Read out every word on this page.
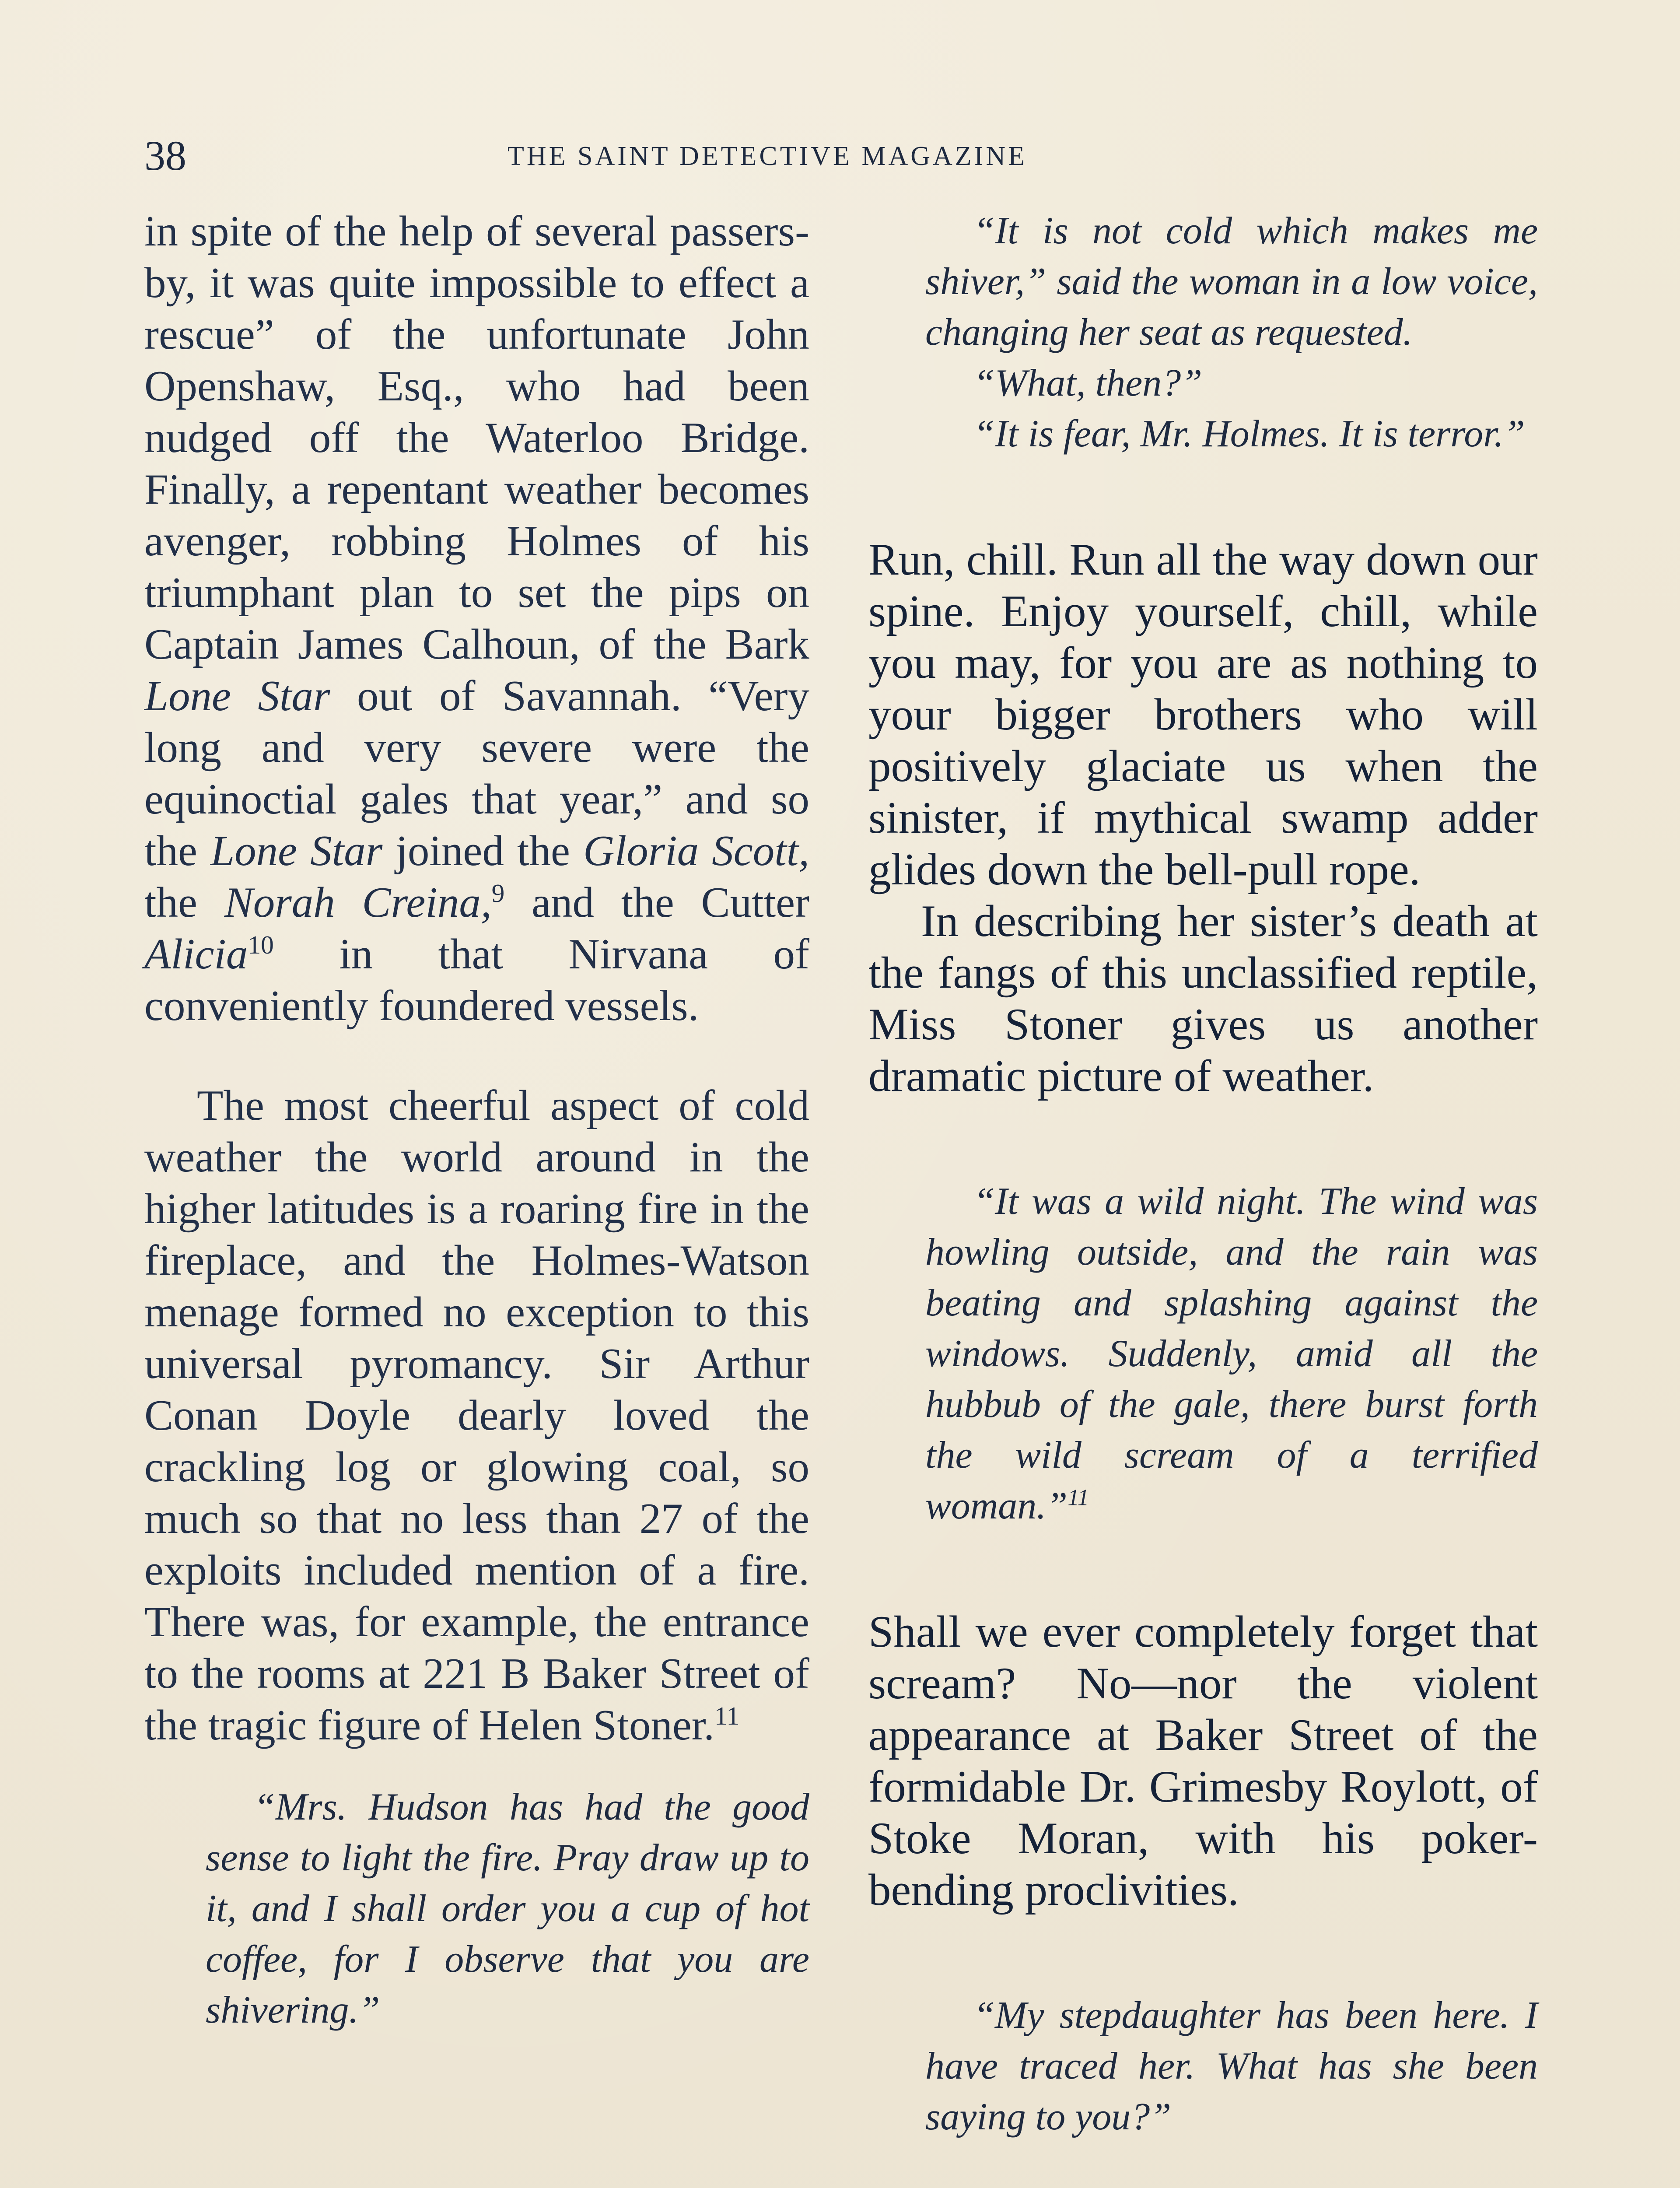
38	THE SAINT DETECTIVE MAGAZINE

in spite of the help of several passers-by, it was quite impossible to effect a rescue” of the unfortunate John Openshaw, Esq., who had been nudged off the Waterloo Bridge. Finally, a repentant weather becomes avenger, robbing Holmes of his triumphant plan to set the pips on Captain James Calhoun, of the Bark Lone Star out of Savannah. “Very long and very severe were the equinoctial gales that year,” and so the Lone Star joined the Gloria Scott, the Norah Creina,$^9$ and the Cutter Alicia$^{10}$ in that Nirvana of conveniently foundered vessels.

The most cheerful aspect of cold weather the world around in the higher latitudes is a roaring fire in the fireplace, and the Holmes-Watson menage formed no exception to this universal pyromancy. Sir Arthur Conan Doyle dearly loved the crackling log or glowing coal, so much so that no less than 27 of the exploits included mention of a fire. There was, for example, the entrance to the rooms at 221 B Baker Street of the tragic figure of Helen Stoner.$^{11}$

“Mrs. Hudson has had the good sense to light the fire. Pray draw up to it, and I shall order you a cup of hot coffee, for I observe that you are shivering.”

“It is not cold which makes me shiver,” said the woman in a low voice, changing her seat as requested.
“What, then?”
“It is fear, Mr. Holmes. It is terror.”

Run, chill. Run all the way down our spine. Enjoy yourself, chill, while you may, for you are as nothing to your bigger brothers who will positively glaciate us when the sinister, if mythical swamp adder glides down the bell-pull rope.

In describing her sister’s death at the fangs of this unclassified reptile, Miss Stoner gives us another dramatic picture of weather.

“It was a wild night. The wind was howling outside, and the rain was beating and splashing against the windows. Suddenly, amid all the hubbub of the gale, there burst forth the wild scream of a terrified woman.”$^{11}$

Shall we ever completely forget that scream? No—nor the violent appearance at Baker Street of the formidable Dr. Grimesby Roylott, of Stoke Moran, with his poker-bending proclivities.

“My stepdaughter has been here. I have traced her. What has she been saying to you?”
